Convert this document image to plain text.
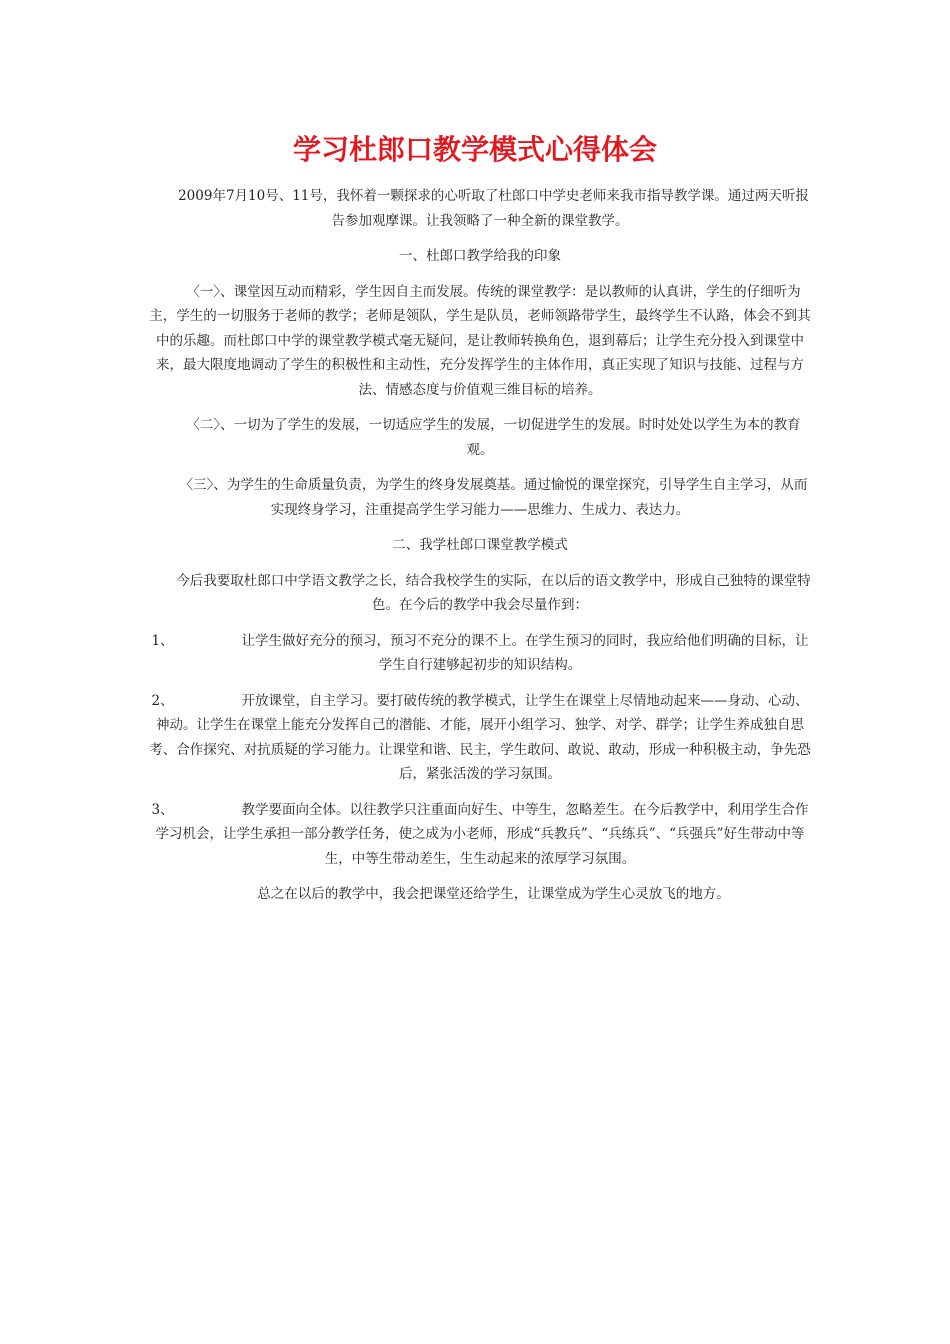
学习杜郎口教学模式心得体会

2009年7月10号、11号，我怀着一颗探求的心听取了杜郎口中学史老师来我市指导教学课。通过两天听报告参加观摩课。让我领略了一种全新的课堂教学。

一、杜郎口教学给我的印象

〈一〉、课堂因互动而精彩，学生因自主而发展。传统的课堂教学：是以教师的认真讲，学生的仔细听为主，学生的一切服务于老师的教学；老师是领队，学生是队员，老师领路带学生，最终学生不认路，体会不到其中的乐趣。而杜郎口中学的课堂教学模式毫无疑问，是让教师转换角色，退到幕后；让学生充分投入到课堂中来，最大限度地调动了学生的积极性和主动性，充分发挥学生的主体作用，真正实现了知识与技能、过程与方法、情感态度与价值观三维目标的培养。

〈二〉、一切为了学生的发展，一切适应学生的发展，一切促进学生的发展。时时处处以学生为本的教育观。

〈三〉、为学生的生命质量负责，为学生的终身发展奠基。通过愉悦的课堂探究，引导学生自主学习，从而实现终身学习，注重提高学生学习能力——思维力、生成力、表达力。

二、我学杜郎口课堂教学模式

今后我要取杜郎口中学语文教学之长，结合我校学生的实际，在以后的语文教学中，形成自己独特的课堂特色。在今后的教学中我会尽量作到：

1、	让学生做好充分的预习，预习不充分的课不上。在学生预习的同时，我应给他们明确的目标，让学生自行建够起初步的知识结构。

2、	开放课堂，自主学习。要打破传统的教学模式，让学生在课堂上尽情地动起来——身动、心动、神动。让学生在课堂上能充分发挥自己的潜能、才能，展开小组学习、独学、对学、群学；让学生养成独自思考、合作探究、对抗质疑的学习能力。让课堂和谐、民主，学生敢问、敢说、敢动，形成一种积极主动，争先恐后，紧张活泼的学习氛围。

3、	教学要面向全体。以往教学只注重面向好生、中等生，忽略差生。在今后教学中，利用学生合作学习机会，让学生承担一部分教学任务，使之成为小老师，形成“兵教兵”、“兵练兵”、“兵强兵”好生带动中等生，中等生带动差生，生生动起来的浓厚学习氛围。

总之在以后的教学中，我会把课堂还给学生，让课堂成为学生心灵放飞的地方。
